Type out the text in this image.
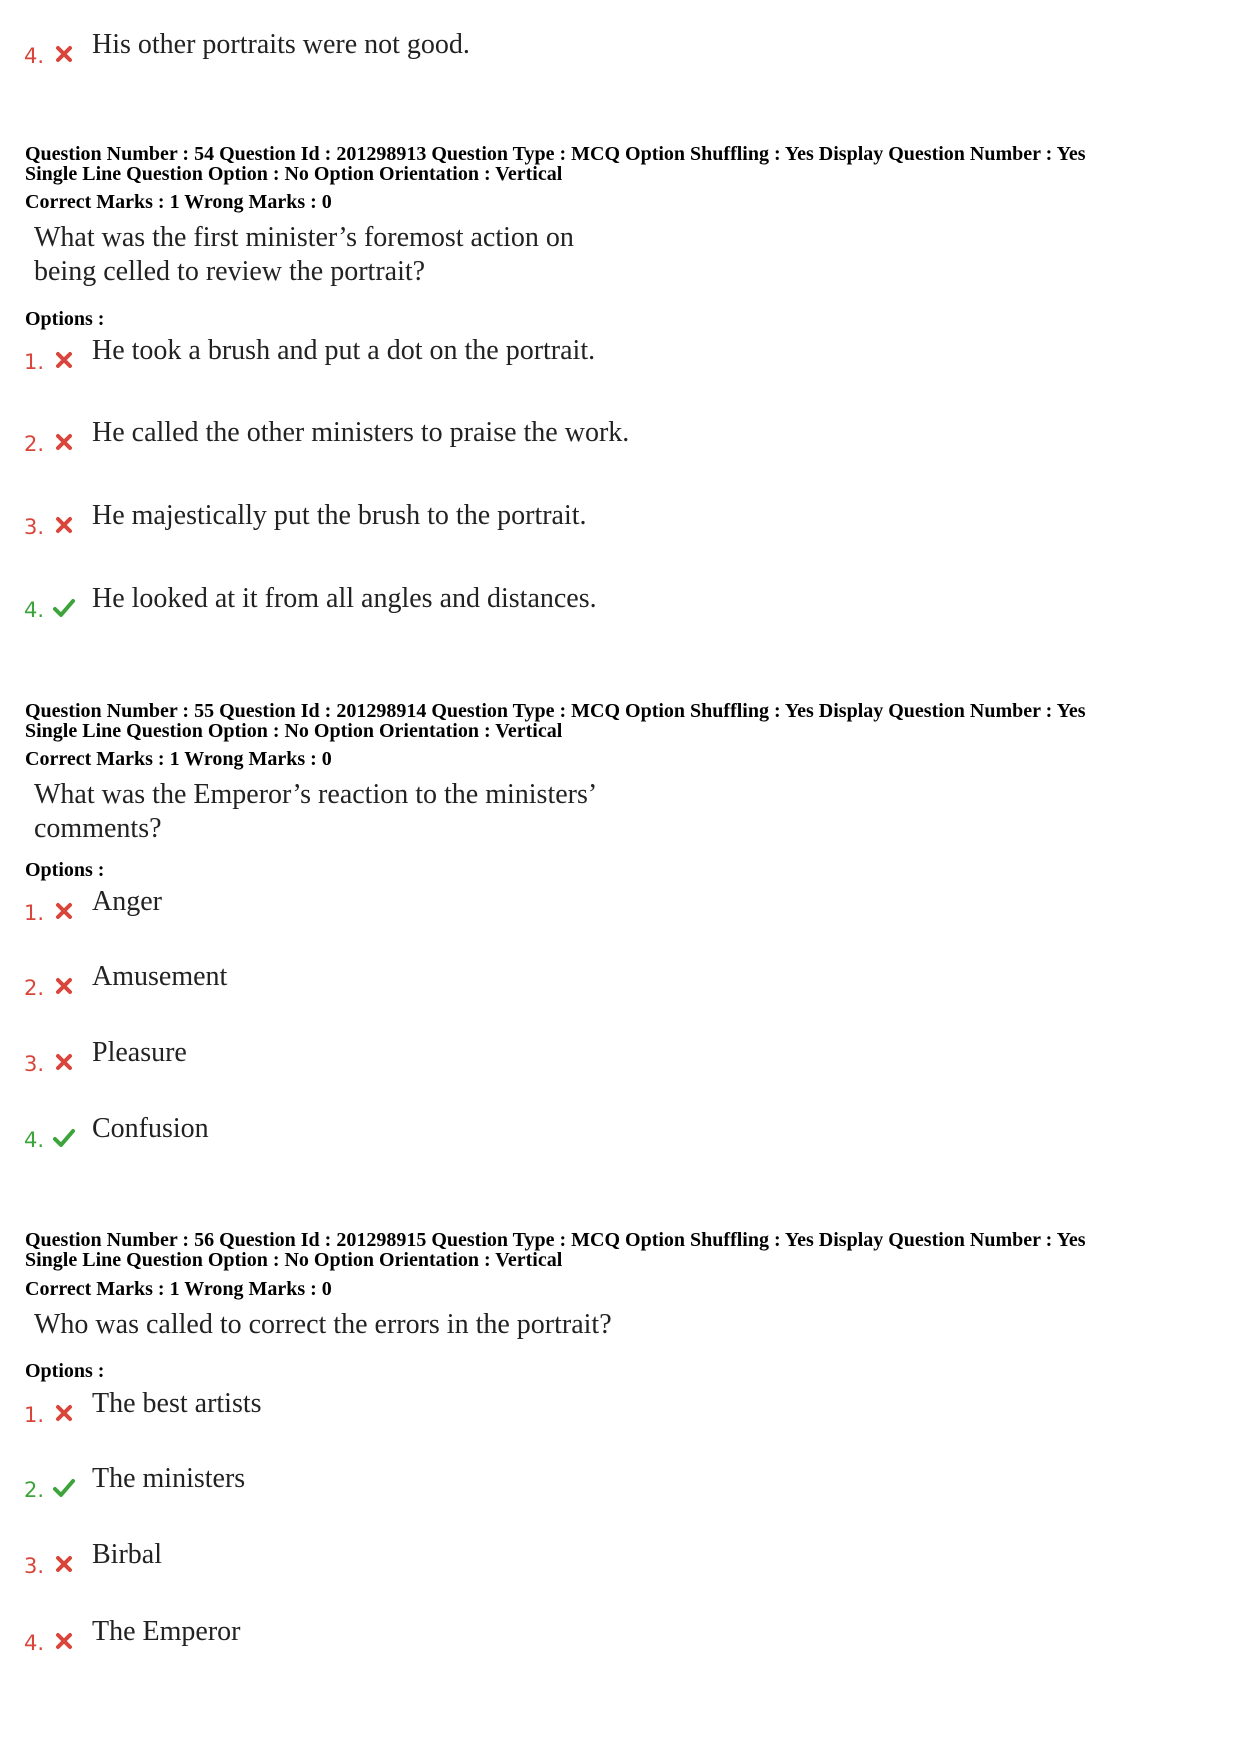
4. His other portraits were not good.
Question Number : 54 Question Id : 201298913 Question Type : MCQ Option Shuffling : Yes Display Question Number : Yes
Single Line Question Option : No Option Orientation : Vertical
Correct Marks : 1 Wrong Marks : 0
What was the first minister’s foremost action on
being celled to review the portrait?
Options :
1. He took a brush and put a dot on the portrait.
2. He called the other ministers to praise the work.
3. He majestically put the brush to the portrait.
4. He looked at it from all angles and distances.
Question Number : 55 Question Id : 201298914 Question Type : MCQ Option Shuffling : Yes Display Question Number : Yes
Single Line Question Option : No Option Orientation : Vertical
Correct Marks : 1 Wrong Marks : 0
What was the Emperor’s reaction to the ministers’
comments?
Options :
1. Anger
2. Amusement
3. Pleasure
4. Confusion
Question Number : 56 Question Id : 201298915 Question Type : MCQ Option Shuffling : Yes Display Question Number : Yes
Single Line Question Option : No Option Orientation : Vertical
Correct Marks : 1 Wrong Marks : 0
Who was called to correct the errors in the portrait?
Options :
1. The best artists
2. The ministers
3. Birbal
4. The Emperor
